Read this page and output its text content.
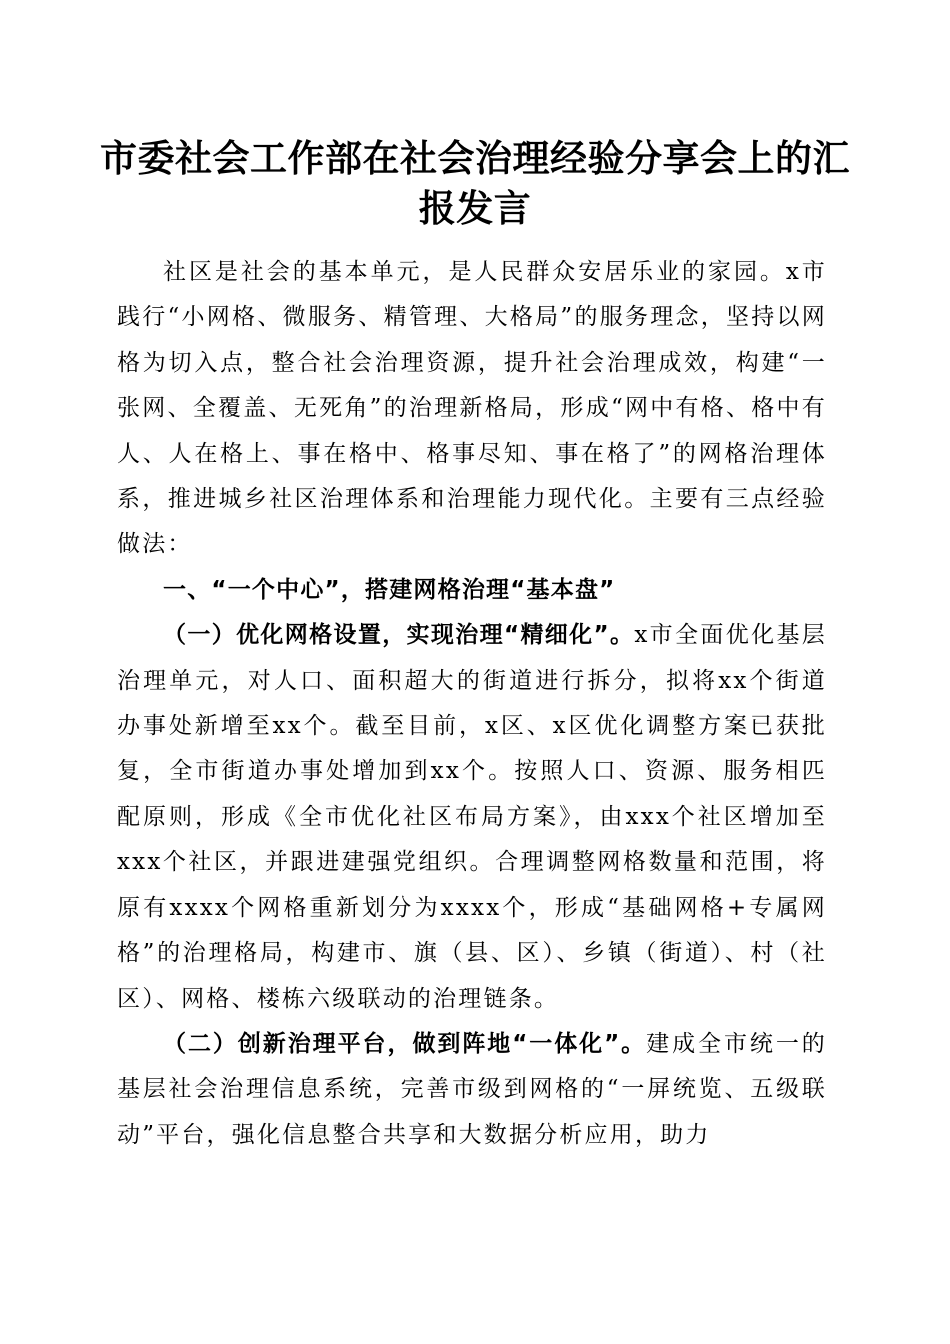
市委社会工作部在社会治理经验分享会上的汇报发言

社区是社会的基本单元，是人民群众安居乐业的家园。x市践行“小网格、微服务、精管理、大格局”的服务理念，坚持以网格为切入点，整合社会治理资源，提升社会治理成效，构建“一张网、全覆盖、无死角”的治理新格局，形成“网中有格、格中有人、人在格上、事在格中、格事尽知、事在格了”的网格治理体系，推进城乡社区治理体系和治理能力现代化。主要有三点经验做法：

一、“一个中心”，搭建网格治理“基本盘”

（一）优化网格设置，实现治理“精细化”。x市全面优化基层治理单元，对人口、面积超大的街道进行拆分，拟将xx个街道办事处新增至xx个。截至目前，x区、x区优化调整方案已获批复，全市街道办事处增加到xx个。按照人口、资源、服务相匹配原则，形成《全市优化社区布局方案》，由xxx个社区增加至xxx个社区，并跟进建强党组织。合理调整网格数量和范围，将原有xxxx个网格重新划分为xxxx个，形成“基础网格+专属网格”的治理格局，构建市、旗（县、区）、乡镇（街道）、村（社区）、网格、楼栋六级联动的治理链条。

（二）创新治理平台，做到阵地“一体化”。建成全市统一的基层社会治理信息系统，完善市级到网格的“一屏统览、五级联动”平台，强化信息整合共享和大数据分析应用，助力
